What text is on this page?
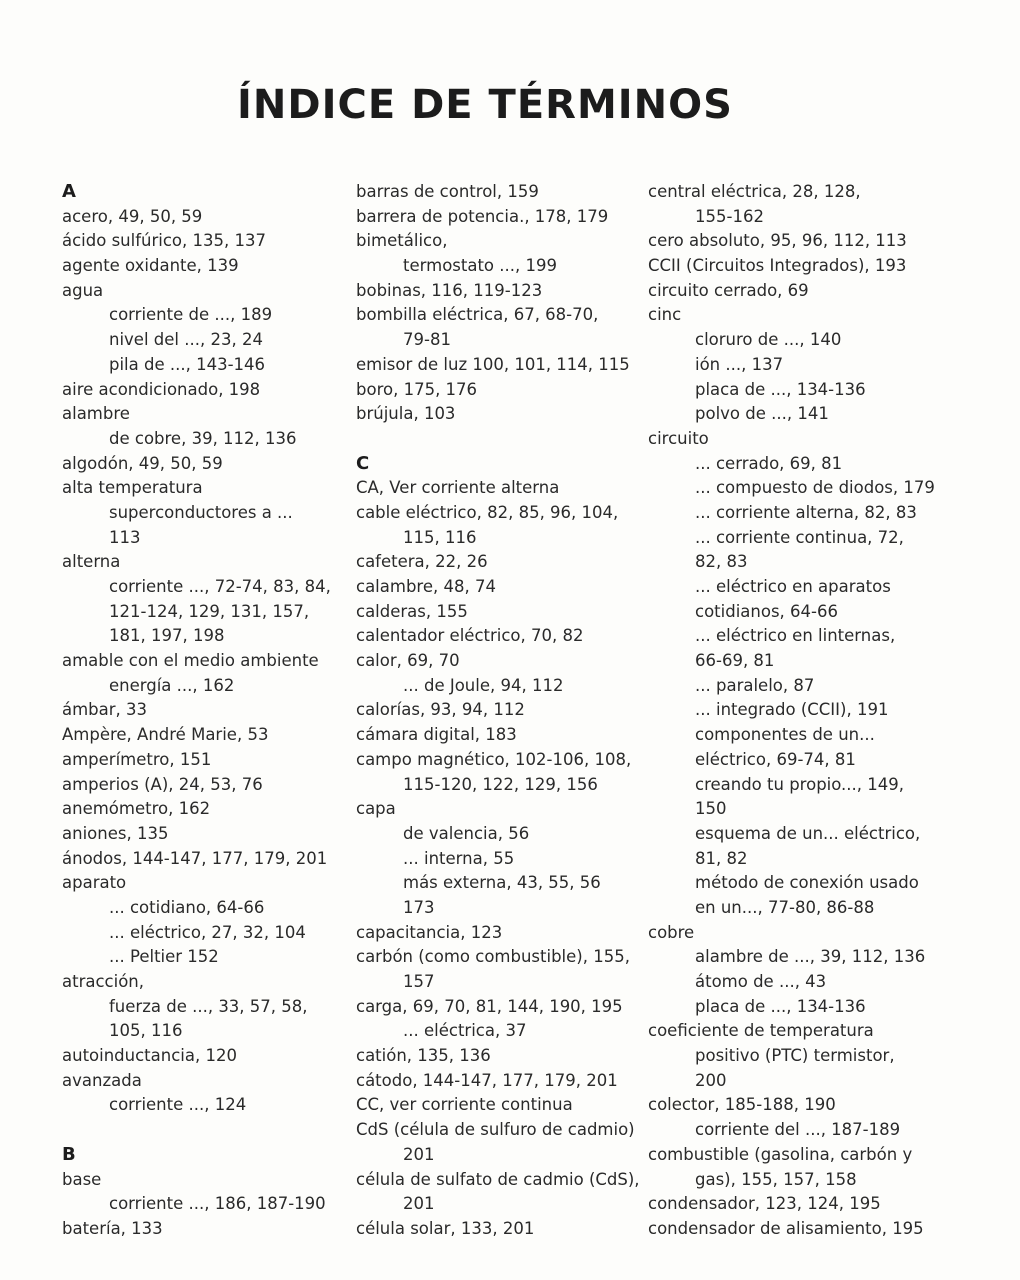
ÍNDICE DE TÉRMINOS
A
acero, 49, 50, 59
ácido sulfúrico, 135, 137
agente oxidante, 139
agua
corriente de ..., 189
nivel del ..., 23, 24
pila de ..., 143-146
aire acondicionado, 198
alambre
de cobre, 39, 112, 136
algodón, 49, 50, 59
alta temperatura
superconductores a ...
113
alterna
corriente ..., 72-74, 83, 84,
121-124, 129, 131, 157,
181, 197, 198
amable con el medio ambiente
energía ..., 162
ámbar, 33
Ampère, André Marie, 53
amperímetro, 151
amperios (A), 24, 53, 76
anemómetro, 162
aniones, 135
ánodos, 144-147, 177, 179, 201
aparato
... cotidiano, 64-66
... eléctrico, 27, 32, 104
... Peltier 152
atracción,
fuerza de ..., 33, 57, 58,
105, 116
autoinductancia, 120
avanzada
corriente ..., 124
B
base
corriente ..., 186, 187-190
batería, 133
barras de control, 159
barrera de potencia., 178, 179
bimetálico,
termostato ..., 199
bobinas, 116, 119-123
bombilla eléctrica, 67, 68-70,
79-81
emisor de luz 100, 101, 114, 115
boro, 175, 176
brújula, 103
C
CA, Ver corriente alterna
cable eléctrico, 82, 85, 96, 104,
115, 116
cafetera, 22, 26
calambre, 48, 74
calderas, 155
calentador eléctrico, 70, 82
calor, 69, 70
... de Joule, 94, 112
calorías, 93, 94, 112
cámara digital, 183
campo magnético, 102-106, 108,
115-120, 122, 129, 156
capa
de valencia, 56
... interna, 55
más externa, 43, 55, 56
173
capacitancia, 123
carbón (como combustible), 155,
157
carga, 69, 70, 81, 144, 190, 195
... eléctrica, 37
catión, 135, 136
cátodo, 144-147, 177, 179, 201
CC, ver corriente continua
CdS (célula de sulfuro de cadmio)
201
célula de sulfato de cadmio (CdS),
201
célula solar, 133, 201
central eléctrica, 28, 128,
155-162
cero absoluto, 95, 96, 112, 113
CCII (Circuitos Integrados), 193
circuito cerrado, 69
cinc
cloruro de ..., 140
ión ..., 137
placa de ..., 134-136
polvo de ..., 141
circuito
... cerrado, 69, 81
... compuesto de diodos, 179
... corriente alterna, 82, 83
... corriente continua, 72,
82, 83
... eléctrico en aparatos
cotidianos, 64-66
... eléctrico en linternas,
66-69, 81
... paralelo, 87
... integrado (CCII), 191
componentes de un...
eléctrico, 69-74, 81
creando tu propio..., 149,
150
esquema de un... eléctrico,
81, 82
método de conexión usado
en un..., 77-80, 86-88
cobre
alambre de ..., 39, 112, 136
átomo de ..., 43
placa de ..., 134-136
coeficiente de temperatura
positivo (PTC) termistor,
200
colector, 185-188, 190
corriente del ..., 187-189
combustible (gasolina, carbón y
gas), 155, 157, 158
condensador, 123, 124, 195
condensador de alisamiento, 195
